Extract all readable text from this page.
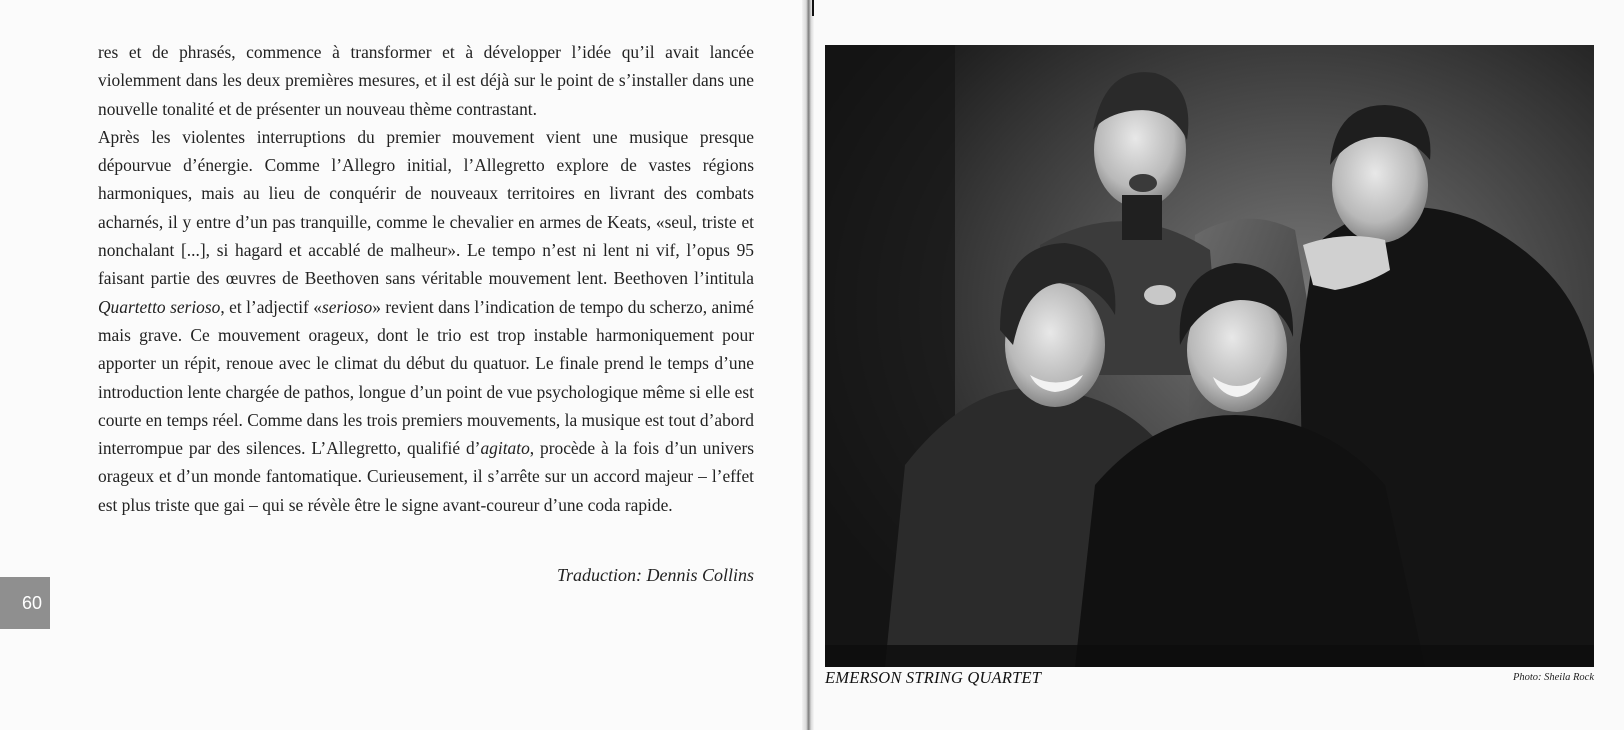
res et de phrasés, commence à transformer et à développer l’idée qu’il avait lancée violemment dans les deux premières mesures, et il est déjà sur le point de s’installer dans une nouvelle tonalité et de présenter un nouveau thème contrastant.

Après les violentes interruptions du premier mouvement vient une musique presque dépourvue d’énergie. Comme l’Allegro initial, l’Allegretto explore de vastes régions harmoniques, mais au lieu de conquérir de nouveaux territoires en livrant des combats acharnés, il y entre d’un pas tranquille, comme le chevalier en armes de Keats, «seul, triste et nonchalant [...], si hagard et accablé de malheur». Le tempo n’est ni lent ni vif, l’opus 95 faisant partie des œuvres de Beethoven sans véritable mouvement lent. Beethoven l’intitula Quartetto serioso, et l’adjectif «serioso» revient dans l’indication de tempo du scherzo, animé mais grave. Ce mouvement orageux, dont le trio est trop instable harmoniquement pour apporter un répit, renoue avec le climat du début du quatuor. Le finale prend le temps d’une introduction lente chargée de pathos, longue d’un point de vue psychologique même si elle est courte en temps réel. Comme dans les trois premiers mouvements, la musique est tout d’abord interrompue par des silences. L’Allegretto, qualifié d’agitato, procède à la fois d’un univers orageux et d’un monde fantomatique. Curieusement, il s’arrête sur un accord majeur – l’effet est plus triste que gai – qui se révèle être le signe avant-coureur d’une coda rapide.

Traduction: Dennis Collins

60

EMERSON STRING QUARTET	Photo: Sheila Rock
